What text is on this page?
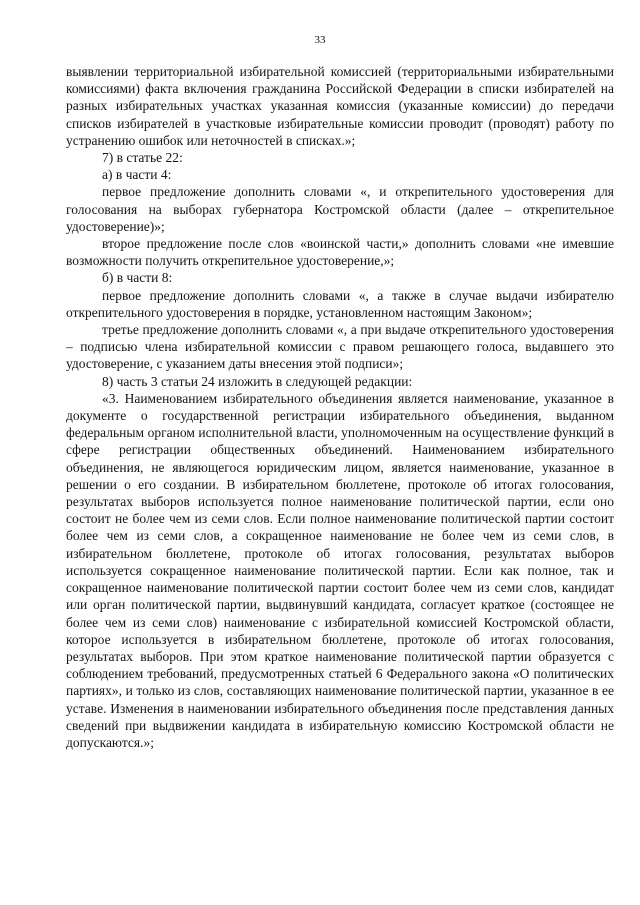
33

выявлении территориальной избирательной комиссией (территориальными избирательными комиссиями) факта включения гражданина Российской Федерации в списки избирателей на разных избирательных участках указанная комиссия (указанные комиссии) до передачи списков избирателей в участковые избирательные комиссии проводит (проводят) работу по устранению ошибок или неточностей в списках.»;

7) в статье 22:

а) в части 4:

первое предложение дополнить словами «, и открепительного удостоверения для голосования на выборах губернатора Костромской области (далее – открепительное удостоверение)»;

второе предложение после слов «воинской части,» дополнить словами «не имевшие возможности получить открепительное удостоверение,»;

б) в части 8:

первое предложение дополнить словами «, а также в случае выдачи избирателю открепительного удостоверения в порядке, установленном настоящим Законом»;

третье предложение дополнить словами «, а при выдаче открепительного удостоверения – подписью члена избирательной комиссии с правом решающего голоса, выдавшего это удостоверение, с указанием даты внесения этой подписи»;

8) часть 3 статьи 24 изложить в следующей редакции:

«3. Наименованием избирательного объединения является наименование, указанное в документе о государственной регистрации избирательного объединения, выданном федеральным органом исполнительной власти, уполномоченным на осуществление функций в сфере регистрации общественных объединений. Наименованием избирательного объединения, не являющегося юридическим лицом, является наименование, указанное в решении о его создании. В избирательном бюллетене, протоколе об итогах голосования, результатах выборов используется полное наименование политической партии, если оно состоит не более чем из семи слов. Если полное наименование политической партии состоит более чем из семи слов, а сокращенное наименование не более чем из семи слов, в избирательном бюллетене, протоколе об итогах голосования, результатах выборов используется сокращенное наименование политической партии. Если как полное, так и сокращенное наименование политической партии состоит более чем из семи слов, кандидат или орган политической партии, выдвинувший кандидата, согласует краткое (состоящее не более чем из семи слов) наименование с избирательной комиссией Костромской области, которое используется в избирательном бюллетене, протоколе об итогах голосования, результатах выборов. При этом краткое наименование политической партии образуется с соблюдением требований, предусмотренных статьей 6 Федерального закона «О политических партиях», и только из слов, составляющих наименование политической партии, указанное в ее уставе. Изменения в наименовании избирательного объединения после представления данных сведений при выдвижении кандидата в избирательную комиссию Костромской области не допускаются.»;
